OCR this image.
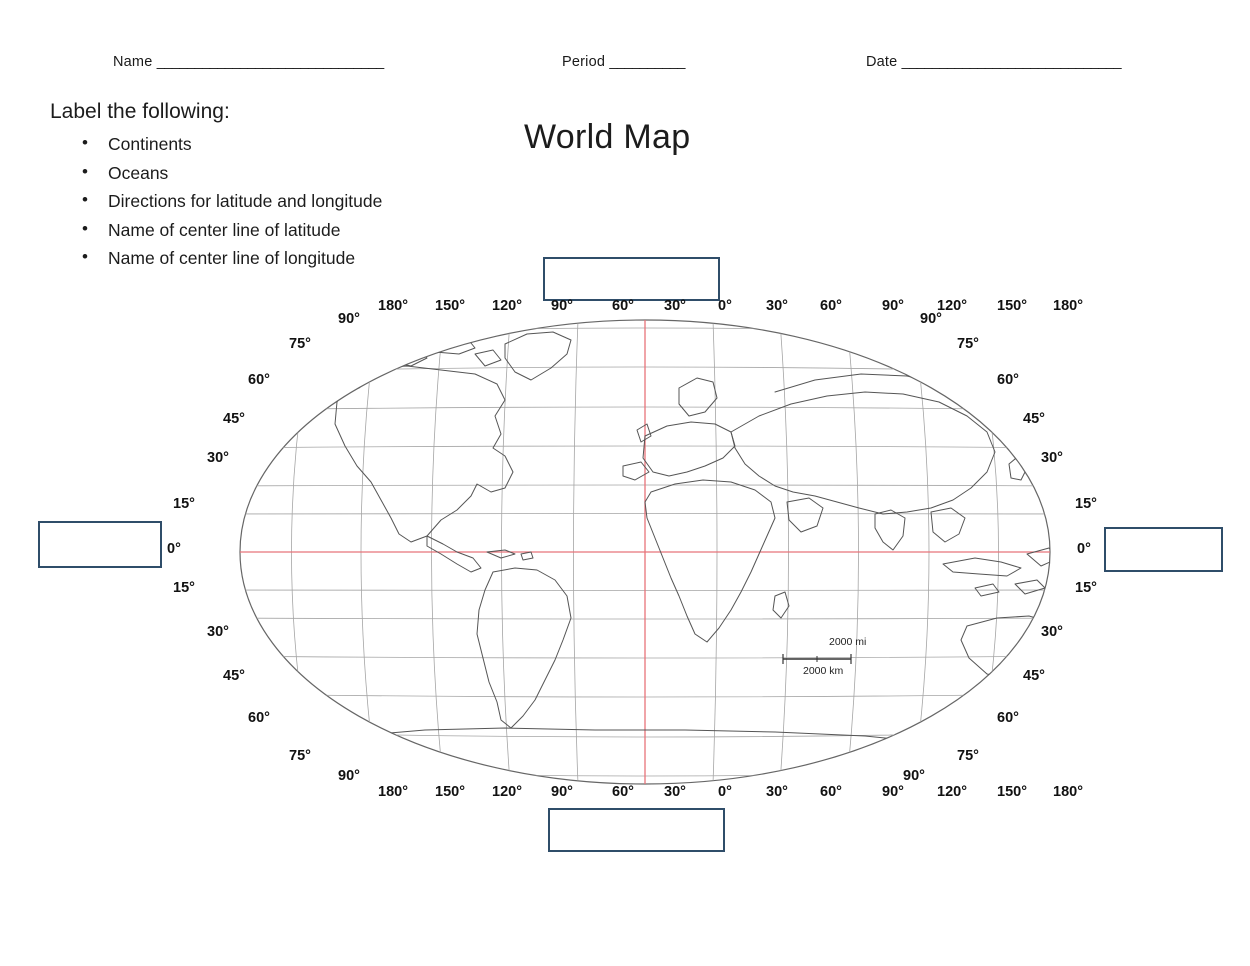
Name ______________________________	Period __________	Date _____________________________
Label the following:
• Continents
• Oceans
• Directions for latitude and longitude
• Name of center line of latitude
• Name of center line of longitude
World Map
2000 mi
2000 km
180° 150° 120° 90°	60° 30° 0° 30° 60°	90° 120° 150° 180°
180° 150° 120° 90°	60° 30° 0° 30° 60°	90° 120° 150° 180°
90°	90°
90°	90°
75°
60°
45°
30°
15°
0°
15°
30°
45°
60°
75°
75°
60°
45°
30°
15°
0°
15°
30°
45°
60°
75°
